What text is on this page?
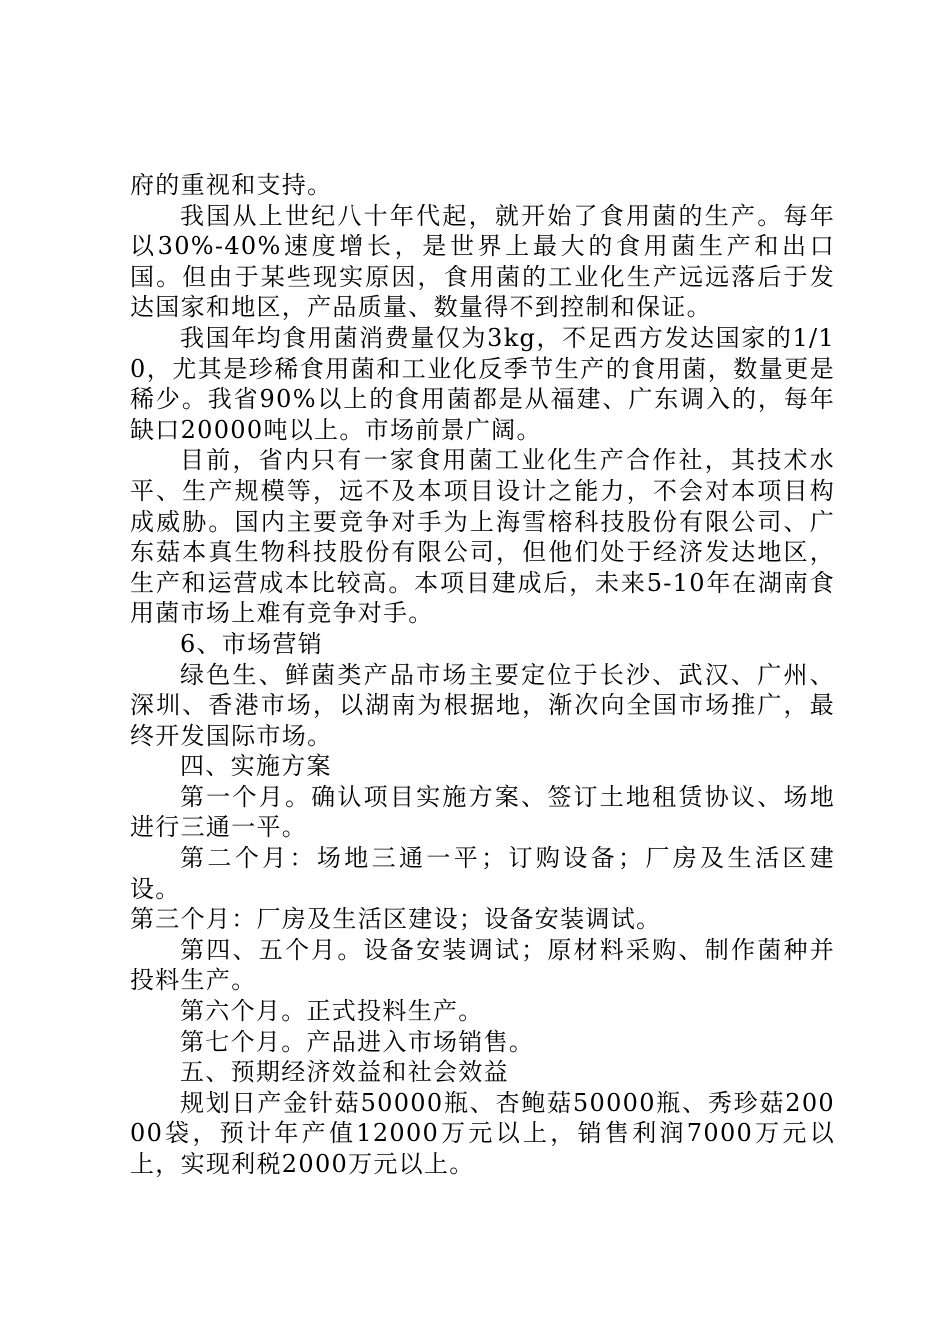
府的重视和支持。

我国从上世纪八十年代起，就开始了食用菌的生产。每年以30%-40%速度增长，是世界上最大的食用菌生产和出口国。但由于某些现实原因，食用菌的工业化生产远远落后于发达国家和地区，产品质量、数量得不到控制和保证。

我国年均食用菌消费量仅为3kg，不足西方发达国家的1/10，尤其是珍稀食用菌和工业化反季节生产的食用菌，数量更是稀少。我省90%以上的食用菌都是从福建、广东调入的，每年缺口20000吨以上。市场前景广阔。

目前，省内只有一家食用菌工业化生产合作社，其技术水平、生产规模等，远不及本项目设计之能力，不会对本项目构成威胁。国内主要竞争对手为上海雪榕科技股份有限公司、广东菇本真生物科技股份有限公司，但他们处于经济发达地区，生产和运营成本比较高。本项目建成后，未来5-10年在湖南食用菌市场上难有竞争对手。

6、市场营销

绿色生、鲜菌类产品市场主要定位于长沙、武汉、广州、深圳、香港市场，以湖南为根据地，渐次向全国市场推广，最终开发国际市场。

四、实施方案

第一个月。确认项目实施方案、签订土地租赁协议、场地进行三通一平。

第二个月：场地三通一平；订购设备；厂房及生活区建设。

第三个月：厂房及生活区建设；设备安装调试。

第四、五个月。设备安装调试；原材料采购、制作菌种并投料生产。

第六个月。正式投料生产。

第七个月。产品进入市场销售。

五、预期经济效益和社会效益

规划日产金针菇50000瓶、杏鲍菇50000瓶、秀珍菇20000袋，预计年产值12000万元以上，销售利润7000万元以上，实现利税2000万元以上。
